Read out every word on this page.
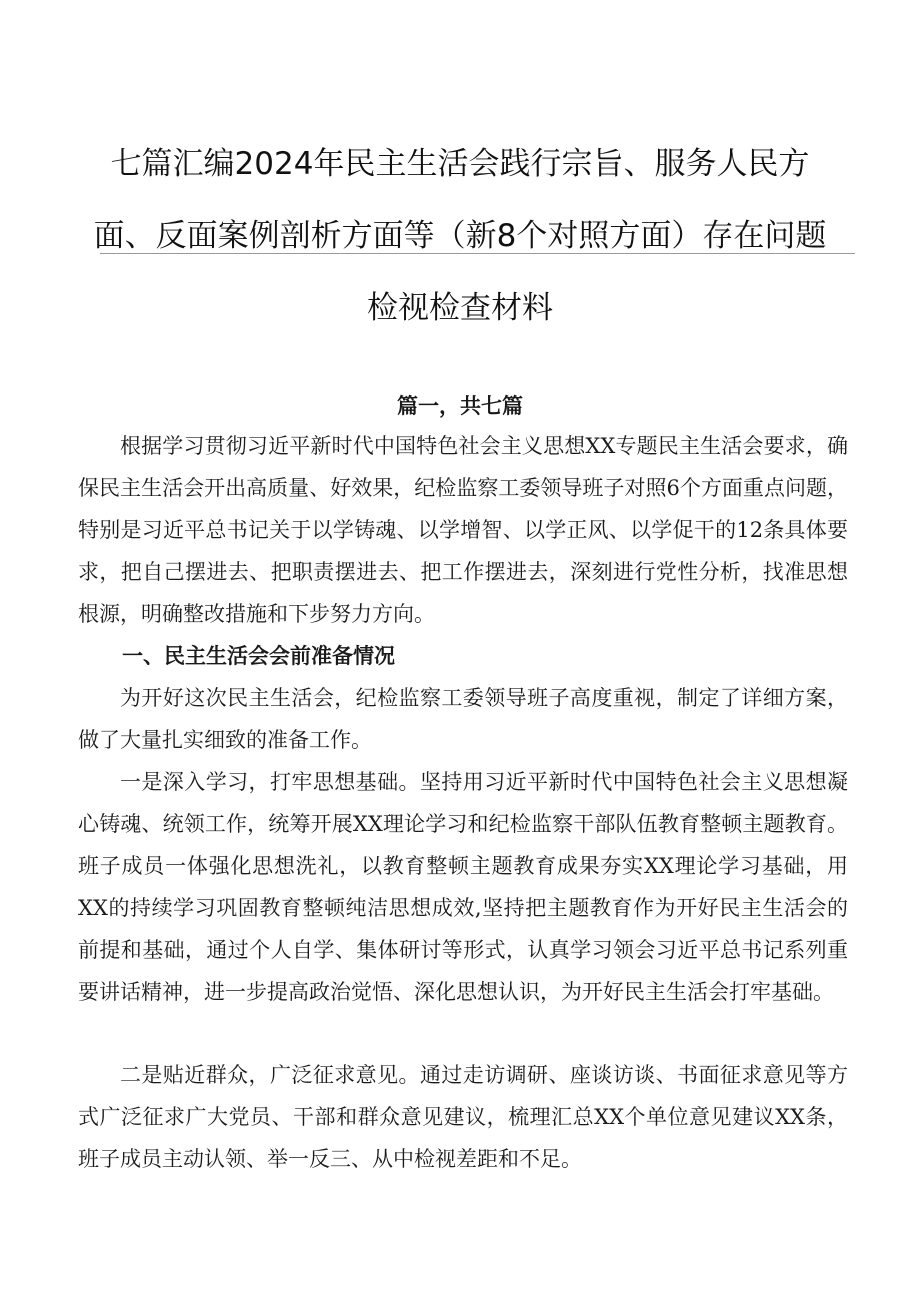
七篇汇编2024年民主生活会践行宗旨、服务人民方
面、反面案例剖析方面等（新8个对照方面）存在问题
检视检查材料
篇一，共七篇

根据学习贯彻习近平新时代中国特色社会主义思想XX专题民主生活会要求，确保民主生活会开出高质量、好效果，纪检监察工委领导班子对照6个方面重点问题，特别是习近平总书记关于以学铸魂、以学增智、以学正风、以学促干的12条具体要求，把自己摆进去、把职责摆进去、把工作摆进去，深刻进行党性分析，找准思想根源，明确整改措施和下步努力方向。

一、民主生活会会前准备情况

为开好这次民主生活会，纪检监察工委领导班子高度重视，制定了详细方案，做了大量扎实细致的准备工作。

一是深入学习，打牢思想基础。坚持用习近平新时代中国特色社会主义思想凝心铸魂、统领工作，统筹开展XX理论学习和纪检监察干部队伍教育整顿主题教育。班子成员一体强化思想洗礼，以教育整顿主题教育成果夯实XX理论学习基础，用XX的持续学习巩固教育整顿纯洁思想成效,坚持把主题教育作为开好民主生活会的前提和基础，通过个人自学、集体研讨等形式，认真学习领会习近平总书记系列重要讲话精神，进一步提高政治觉悟、深化思想认识，为开好民主生活会打牢基础。

二是贴近群众，广泛征求意见。通过走访调研、座谈访谈、书面征求意见等方式广泛征求广大党员、干部和群众意见建议，梳理汇总XX个单位意见建议XX条，班子成员主动认领、举一反三、从中检视差距和不足。
